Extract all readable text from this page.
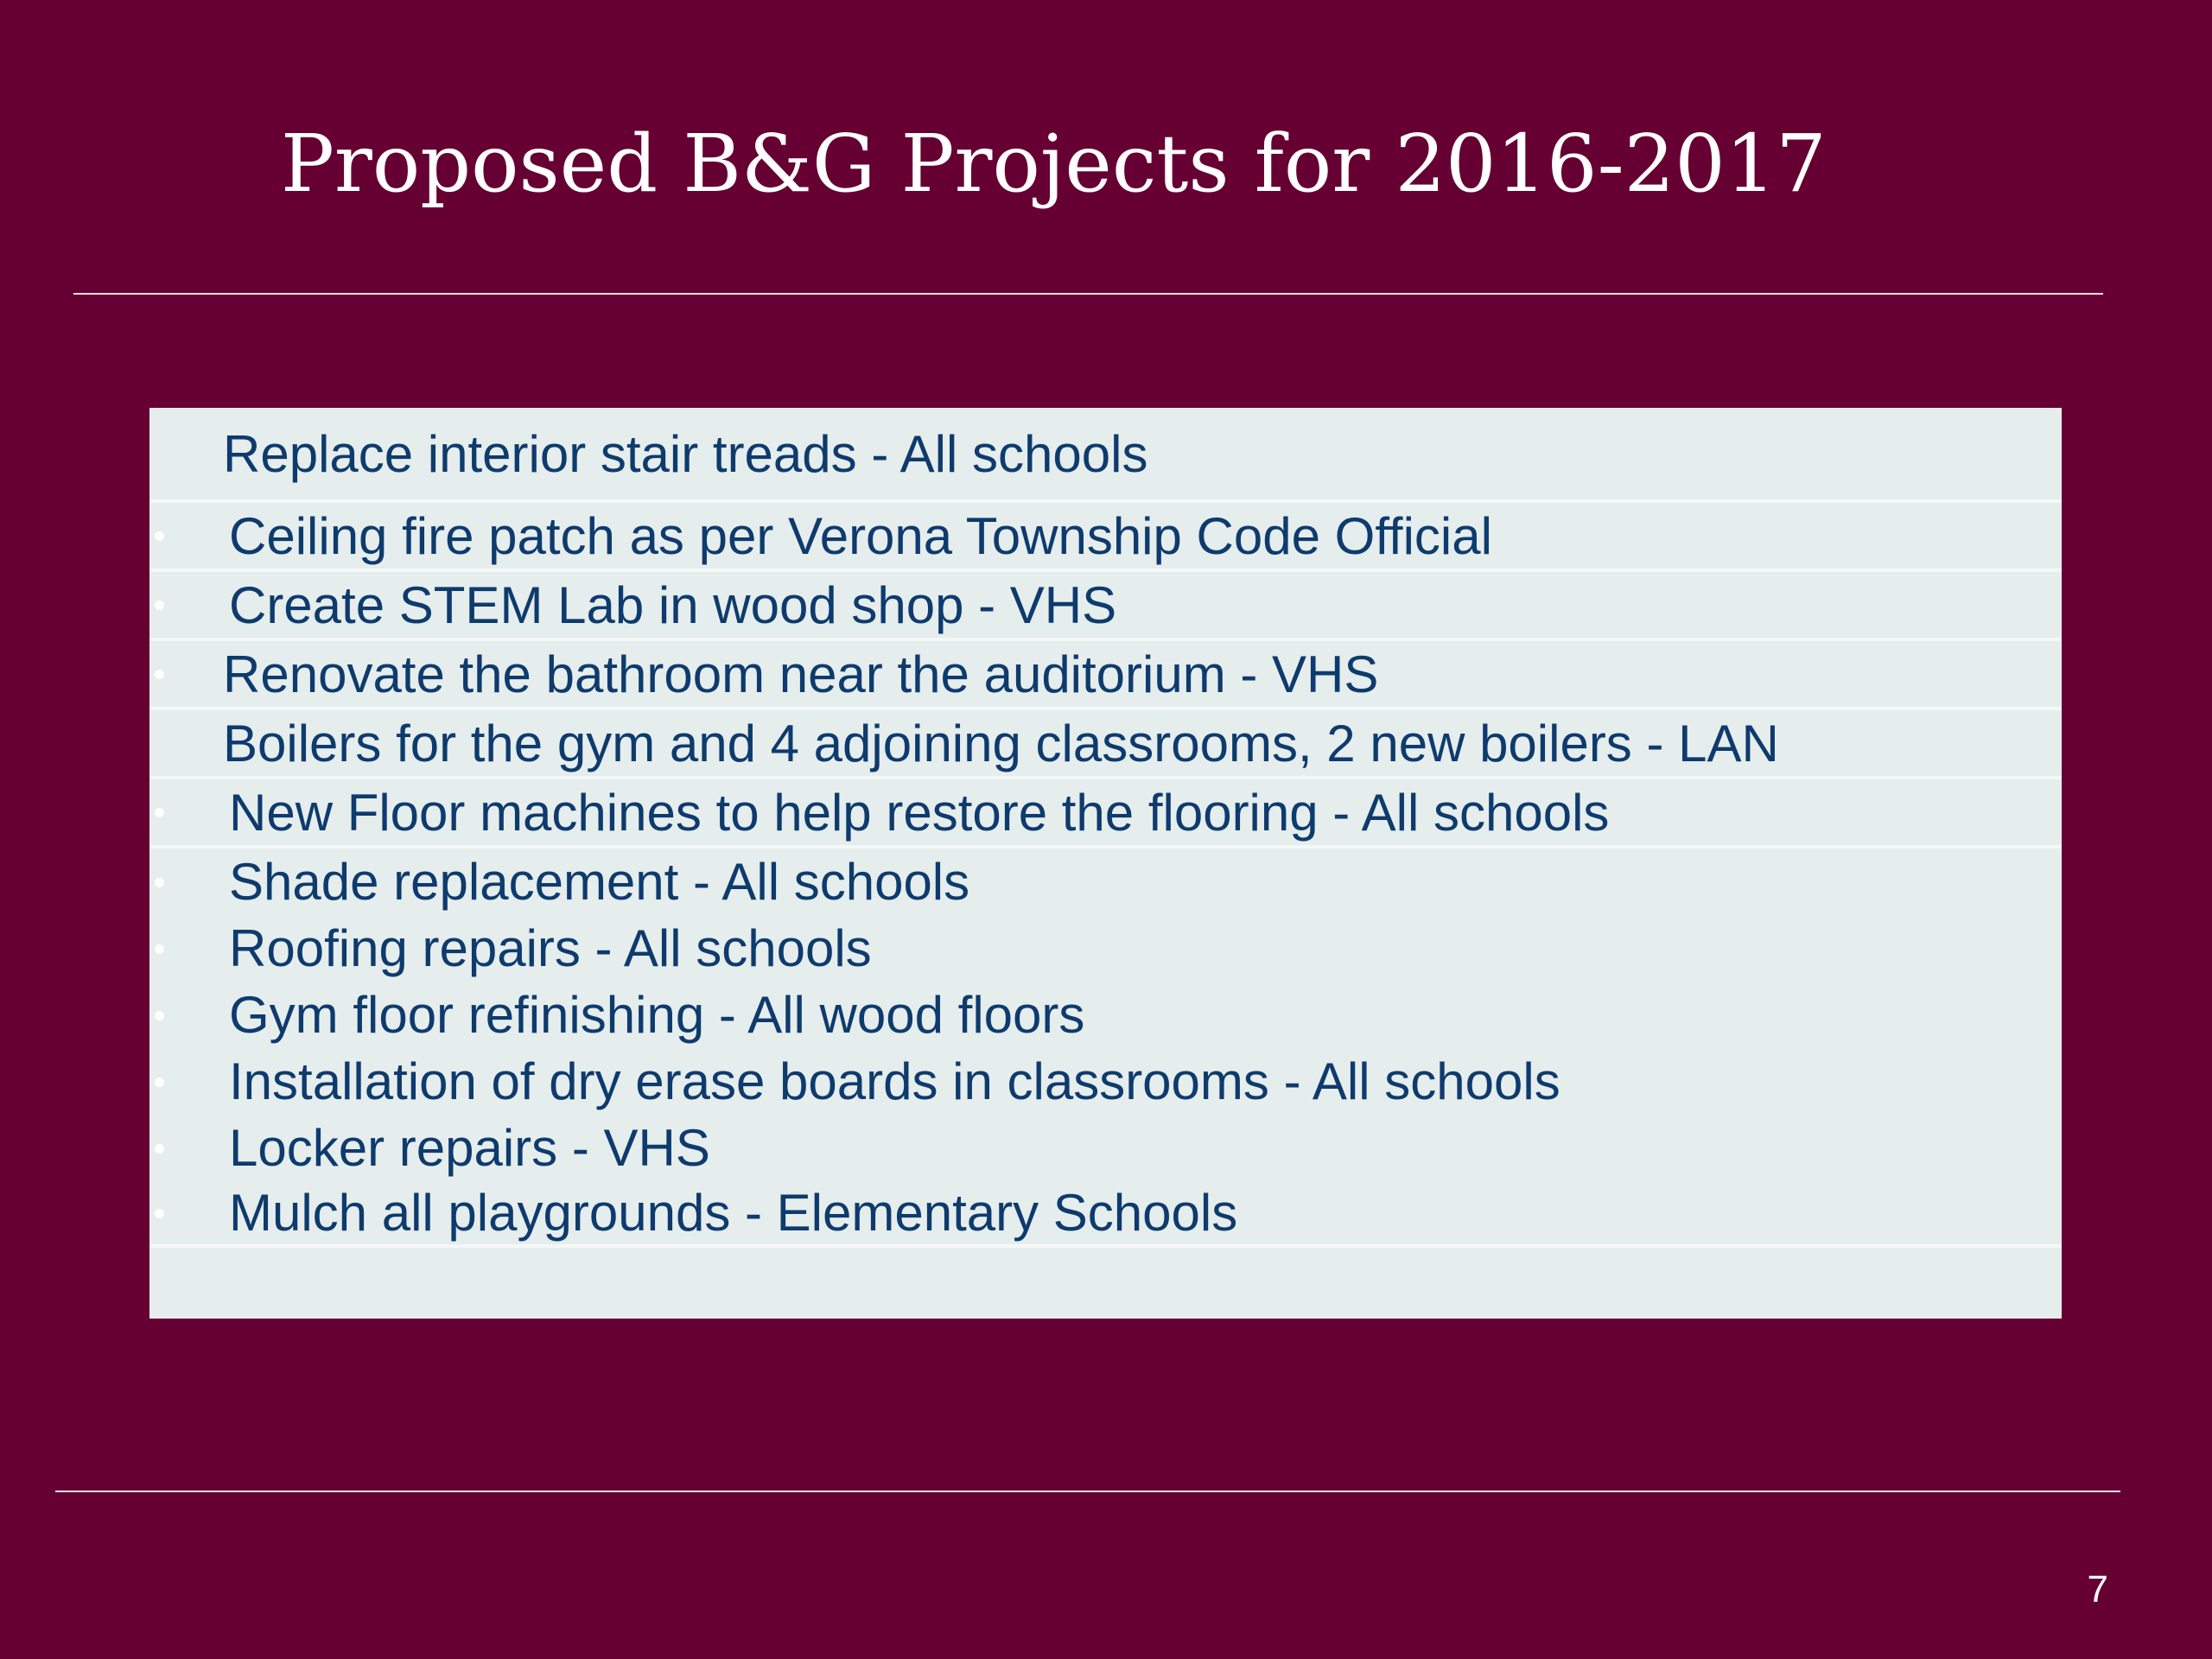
Proposed B&G Projects for 2016-2017
Replace interior stair treads - All schools
Ceiling fire patch as per Verona Township Code Official
Create STEM Lab in wood shop - VHS
Renovate the bathroom near the auditorium - VHS
Boilers for the gym and 4 adjoining classrooms, 2 new boilers - LAN
New Floor machines to help restore the flooring - All schools
Shade replacement - All schools
Roofing repairs - All schools
Gym floor refinishing - All wood floors
Installation of dry erase boards in classrooms - All schools
Locker repairs - VHS
Mulch all playgrounds - Elementary Schools
7
